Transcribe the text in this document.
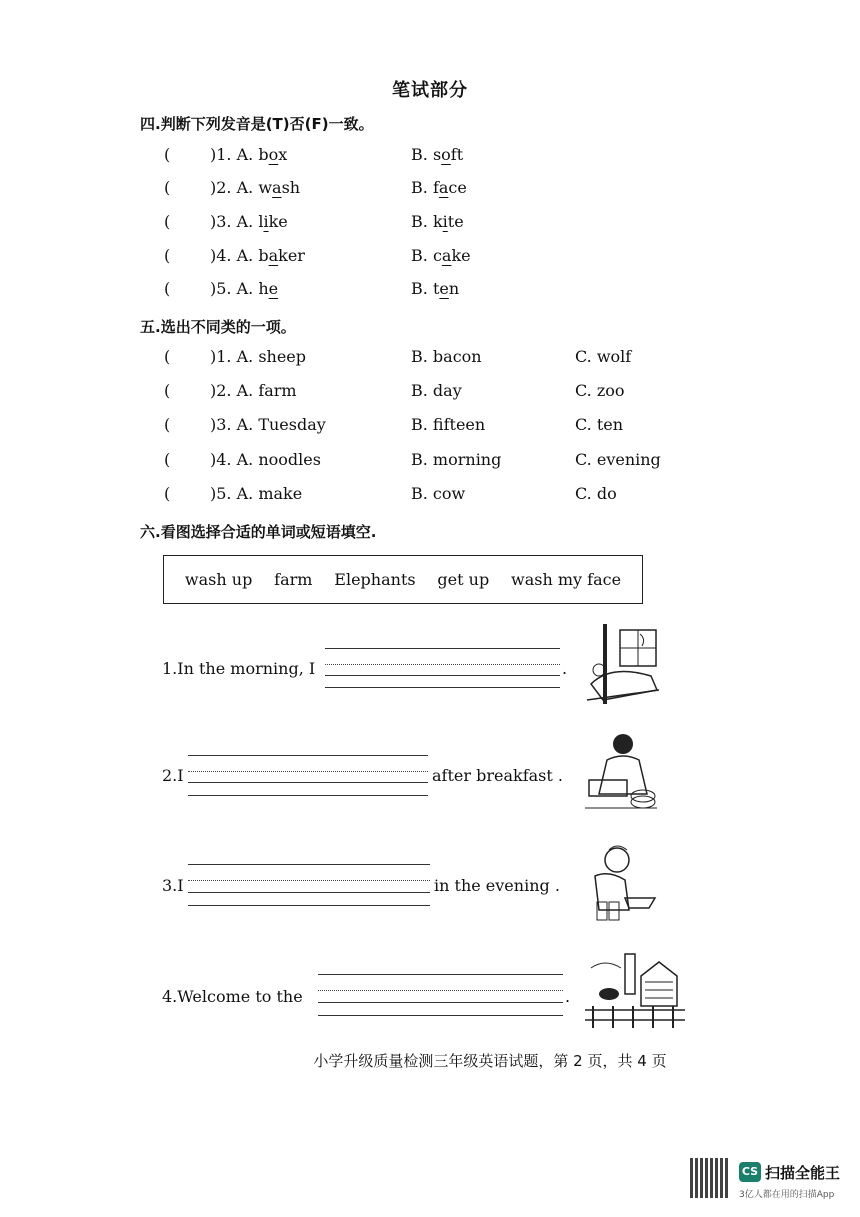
笔试部分
四.判断下列发音是(T)否(F)一致。
( )1. A. box	B. soft
( )2. A. wash	B. face
( )3. A. like	B. kite
( )4. A. baker	B. cake
( )5. A. he	B. ten
五.选出不同类的一项。
( )1. A. sheep	B. bacon	C. wolf
( )2. A. farm	B. day	C. zoo
( )3. A. Tuesday	B. fifteen	C. ten
( )4. A. noodles	B. morning	C. evening
( )5. A. make	B. cow	C. do
六.看图选择合适的单词或短语填空.
wash up farm Elephants get up wash my face
1.In the morning, I	.
2.I	after breakfast .
3.I	in the evening .
4.Welcome to the	.
小学升级质量检测三年级英语试题，第 2 页，共 4 页
CS 扫描全能王
3亿人都在用的扫描App
